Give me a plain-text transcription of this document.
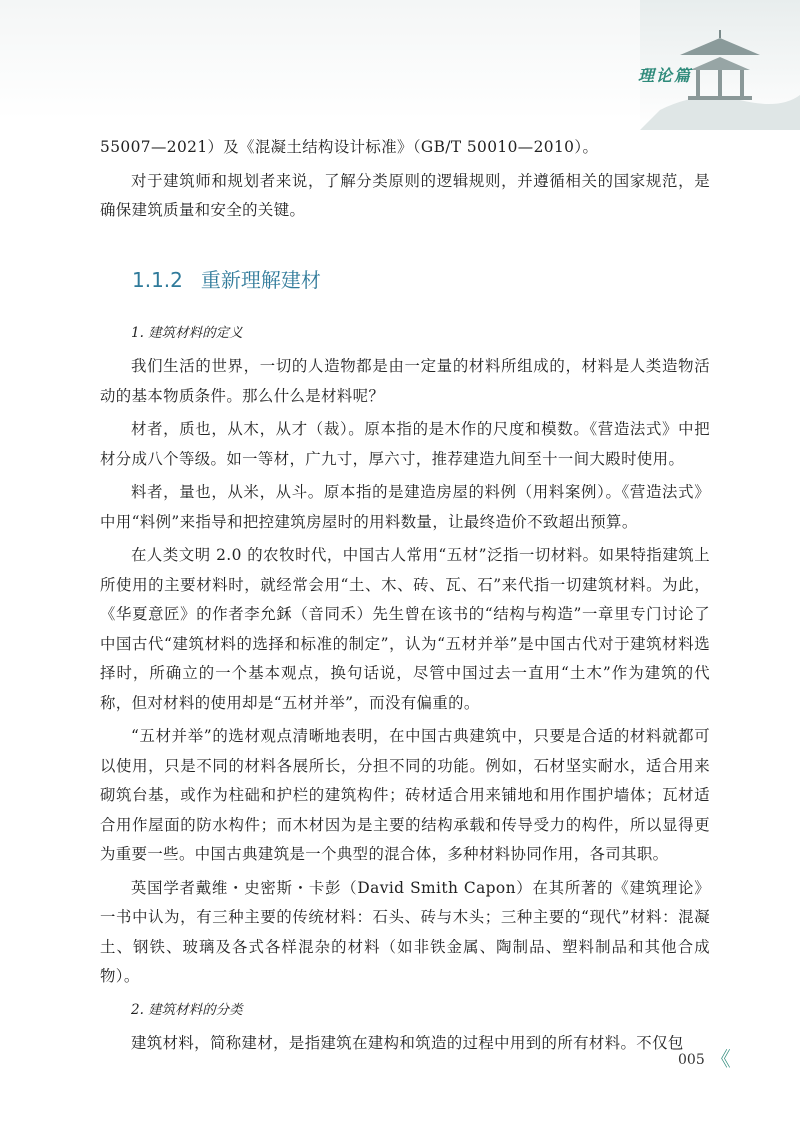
理论篇

55007—2021）及《混凝土结构设计标准》（GB/T 50010—2010）。

对于建筑师和规划者来说，了解分类原则的逻辑规则，并遵循相关的国家规范，是确保建筑质量和安全的关键。

1.1.2 重新理解建材
1. 建筑材料的定义

我们生活的世界，一切的人造物都是由一定量的材料所组成的，材料是人类造物活动的基本物质条件。那么什么是材料呢？

材者，质也，从木，从才（裁）。原本指的是木作的尺度和模数。《营造法式》中把材分成八个等级。如一等材，广九寸，厚六寸，推荐建造九间至十一间大殿时使用。

料者，量也，从米，从斗。原本指的是建造房屋的料例（用料案例）。《营造法式》中用“料例”来指导和把控建筑房屋时的用料数量，让最终造价不致超出预算。

在人类文明 2.0 的农牧时代，中国古人常用“五材”泛指一切材料。如果特指建筑上所使用的主要材料时，就经常会用“土、木、砖、瓦、石”来代指一切建筑材料。为此，《华夏意匠》的作者李允鉌（音同禾）先生曾在该书的“结构与构造”一章里专门讨论了中国古代“建筑材料的选择和标准的制定”，认为“五材并举”是中国古代对于建筑材料选择时，所确立的一个基本观点，换句话说，尽管中国过去一直用“土木”作为建筑的代称，但对材料的使用却是“五材并举”，而没有偏重的。

“五材并举”的选材观点清晰地表明，在中国古典建筑中，只要是合适的材料就都可以使用，只是不同的材料各展所长，分担不同的功能。例如，石材坚实耐水，适合用来砌筑台基，或作为柱础和护栏的建筑构件；砖材适合用来铺地和用作围护墙体；瓦材适合用作屋面的防水构件；而木材因为是主要的结构承载和传导受力的构件，所以显得更为重要一些。中国古典建筑是一个典型的混合体，多种材料协同作用，各司其职。

英国学者戴维・史密斯・卡彭（David Smith Capon）在其所著的《建筑理论》一书中认为，有三种主要的传统材料：石头、砖与木头；三种主要的“现代”材料：混凝土、钢铁、玻璃及各式各样混杂的材料（如非铁金属、陶制品、塑料制品和其他合成物）。

2. 建筑材料的分类

建筑材料，简称建材，是指建筑在建构和筑造的过程中用到的所有材料。不仅包

005 《
